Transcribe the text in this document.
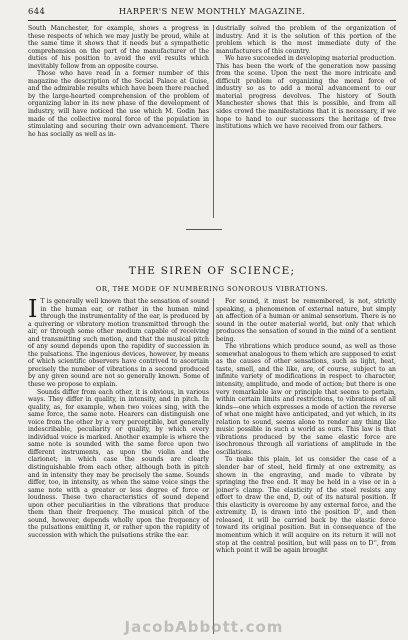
644	HARPER'S NEW MONTHLY MAGAZINE.

South Manchester, for example, shows a progress in these respects of which we may justly be proud, while at the same time it shows that it needs but a sympathetic comprehension on the part of the manufacturer of the duties of his position to avoid the evil results which inevitably follow from an opposite course.

Those who have read in a former number of this magazine the description of the Social Palace at Guise, and the admirable results which have been there reached by the large-hearted comprehension of the problem of organizing labor in its new phase of the development of industry, will have noticed the use which M. Godin has made of the collective moral force of the population in stimulating and securing their own advancement. There he has socially as well as in-

dustrially solved the problem of the organization of industry. And it is the solution of this portion of the problem which is the most immediate duty of the manufacturers of this country.

We have succeeded in developing material production. This has been the work of the generation now passing from the scene. Upon the next the more intricate and difficult problem of organizing the moral force of industry so as to add a moral advancement to our material progress devolves. The history of South Manchester shows that this is possible, and from all sides crowd the manifestations that it is necessary, if we hope to hand to our successors the heritage of free institutions which we have received from our fathers.

THE SIREN OF SCIENCE;
OR, THE MODE OF NUMBERING SONOROUS VIBRATIONS.

I T is generally well known that the sensation of sound in the human ear, or rather in the human mind through the instrumentality of the ear, is produced by a quivering or vibratory motion transmitted through the air, or through some other medium capable of receiving and transmitting such motion, and that the musical pitch of any sound depends upon the rapidity of succession in the pulsations. The ingenious devices, however, by means of which scientific observers have contrived to ascertain precisely the number of vibrations in a second produced by any given sound are not so generally known. Some of these we propose to explain.

Sounds differ from each other, it is obvious, in various ways. They differ in quality, in intensity, and in pitch. In quality, as, for example, when two voices sing, with the same force, the same note. Hearers can distinguish one voice from the other by a very perceptible, but generally indescribable, peculiarity or quality, by which every individual voice is marked. Another example is where the same note is sounded with the same force upon two different instruments, as upon the violin and the clarionet; in which case the sounds are clearly distinguishable from each other, although both in pitch and in intensity they may be precisely the same. Sounds differ, too, in intensity, as when the same voice sings the same note with a greater or less degree of force or loudness. These two characteristics of sound depend upon other peculiarities in the vibrations that produce them than their frequency. The musical pitch of the sound, however, depends wholly upon the frequency of the pulsations emitting it, or rather upon the rapidity of succession with which the pulsations strike the ear.

For sound, it must be remembered, is not, strictly speaking, a phenomenon of external nature, but simply an affection of a human or animal sensorium. There is no sound in the outer material world, but only that which produces the sensation of sound in the mind of a sentient being.

The vibrations which produce sound, as well as those somewhat analogous to them which are supposed to exist as the causes of other sensations, such as light, heat, taste, smell, and the like, are, of course, subject to an infinite variety of modifications in respect to character, intensity, amplitude, and mode of action; but there is one very remarkable law or principle that seems to pertain, within certain limits and restrictions, to vibrations of all kinds—one which expresses a mode of action the reverse of what one might have anticipated, and yet which, in its relation to sound, seems alone to render any thing like music possible in such a world as ours. This law is that vibrations produced by the same elastic force are isochronous through all variations of amplitude in the oscillations.

To make this plain, let us consider the case of a slender bar of steel, held firmly at one extremity, as shown in the engraving, and made to vibrate by springing the free end. It may be held in a vise or in a joiner's clamp. The elasticity of the steel resists any effort to draw the end, D, out of its natural position. If this elasticity is overcome by any external force, and the extremity, D, is drawn into the position D', and then released, it will be carried back by the elastic force toward its original position. But in consequence of the momentum which it will acquire on its return it will not stop at the central position, but will pass on to D'', from which point it will be again brought

JacobAbbott.com
